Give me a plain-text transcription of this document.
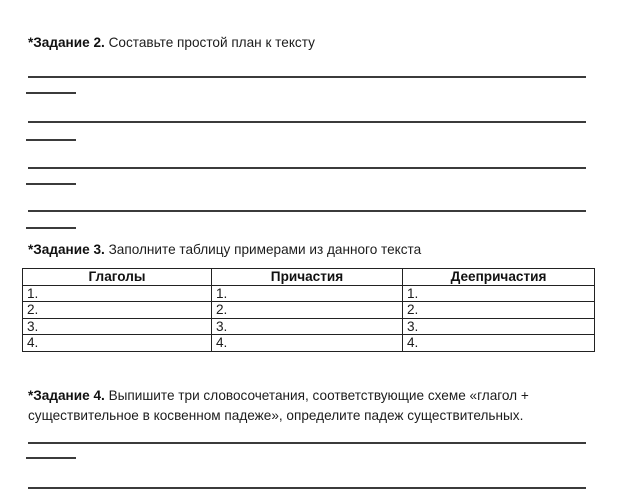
*Задание 2. Составьте простой план к тексту
*Задание 3. Заполните таблицу примерами из данного текста
Глаголы	Причастия	Деепричастия
1.	1.	1.
2.	2.	2.
3.	3.	3.
4.	4.	4.
*Задание 4. Выпишите три словосочетания, соответствующие схеме «глагол + существительное в косвенном падеже», определите падеж существительных.
